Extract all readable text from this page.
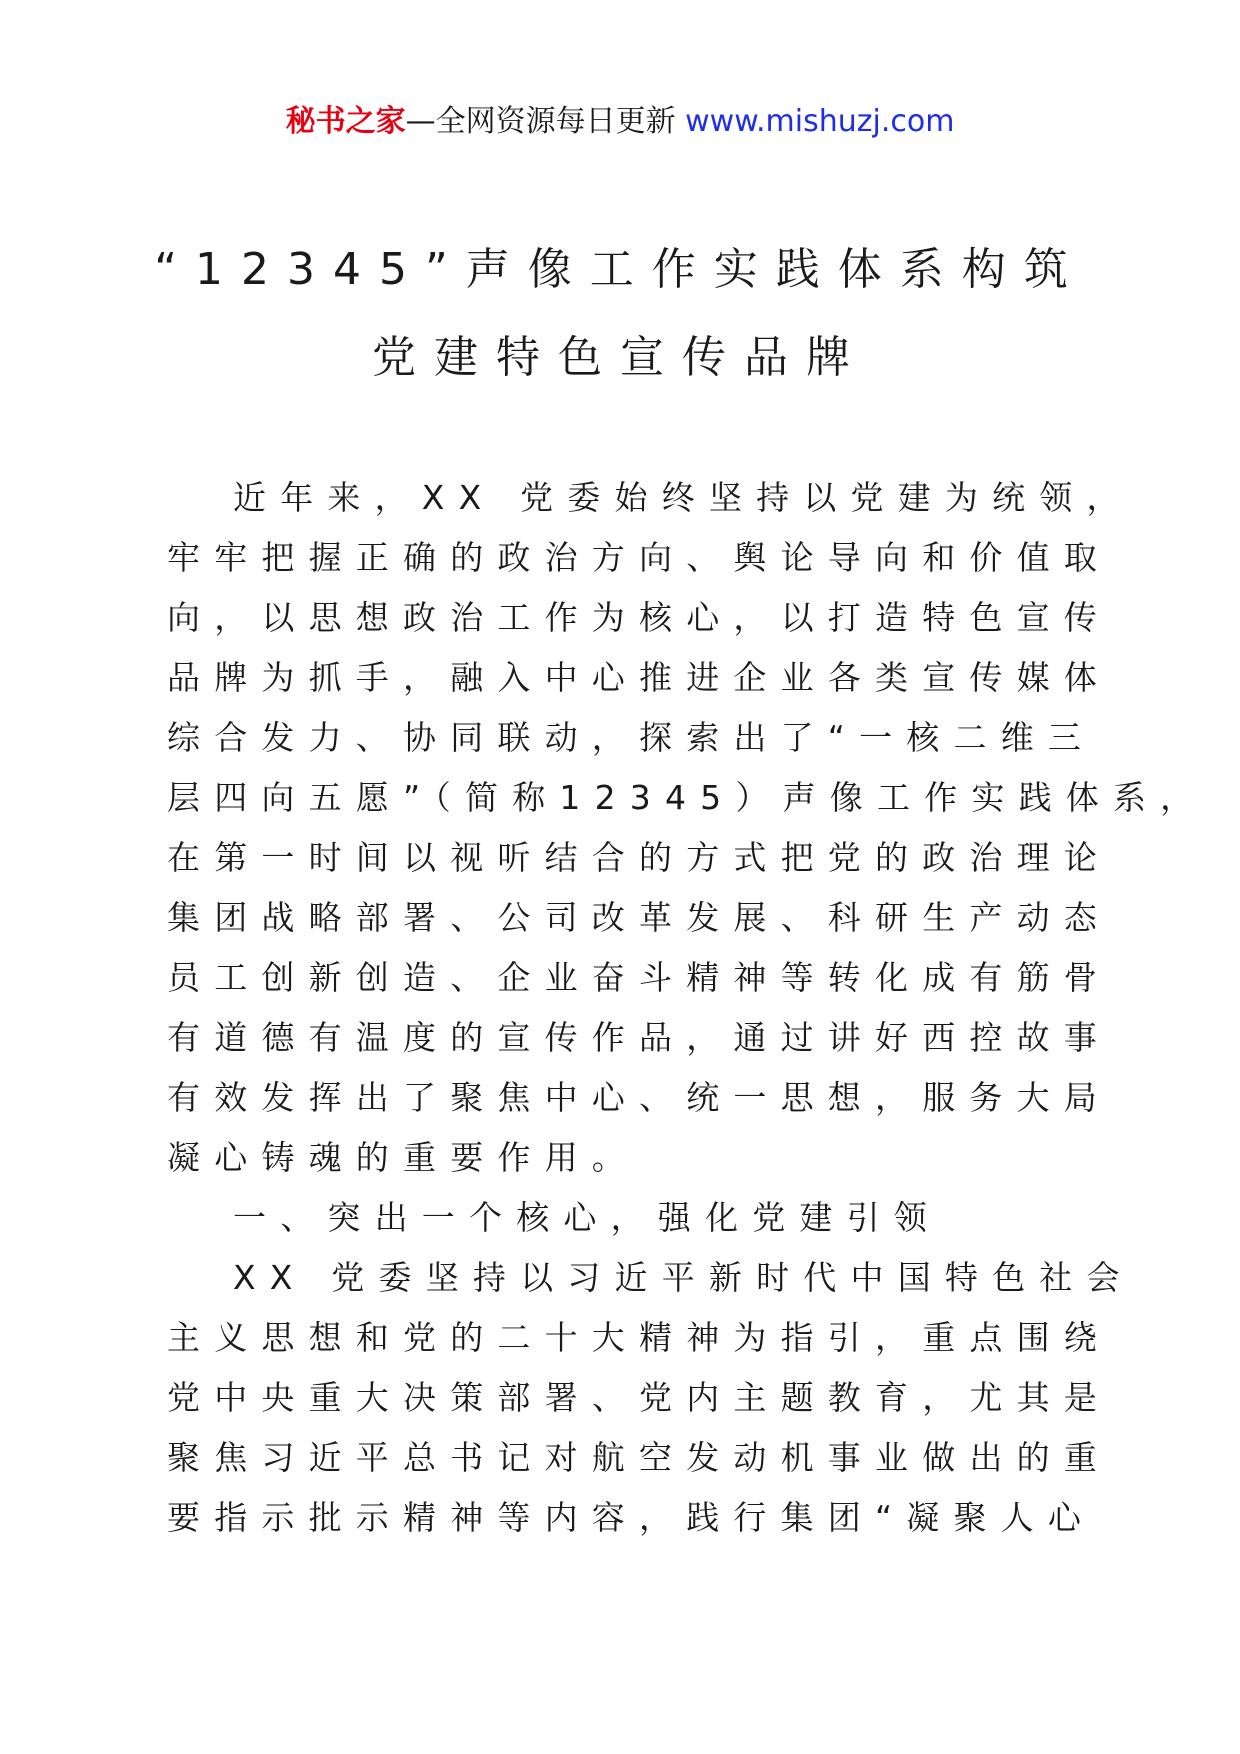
秘书之家—全网资源每日更新 www.mishuzj.com
“12345”声像工作实践体系构筑
党建特色宣传品牌
近年来，XX 党委始终坚持以党建为统领，
牢牢把握正确的政治方向、舆论导向和价值取
向，以思想政治工作为核心，以打造特色宣传
品牌为抓手，融入中心推进企业各类宣传媒体
综合发力、协同联动，探索出了“一核二维三
层四向五愿”（简称12345）声像工作实践体系，
在第一时间以视听结合的方式把党的政治理论
集团战略部署、公司改革发展、科研生产动态
员工创新创造、企业奋斗精神等转化成有筋骨
有道德有温度的宣传作品，通过讲好西控故事
有效发挥出了聚焦中心、统一思想，服务大局
凝心铸魂的重要作用。
一、突出一个核心，强化党建引领
XX 党委坚持以习近平新时代中国特色社会
主义思想和党的二十大精神为指引，重点围绕
党中央重大决策部署、党内主题教育，尤其是
聚焦习近平总书记对航空发动机事业做出的重
要指示批示精神等内容，践行集团“凝聚人心
